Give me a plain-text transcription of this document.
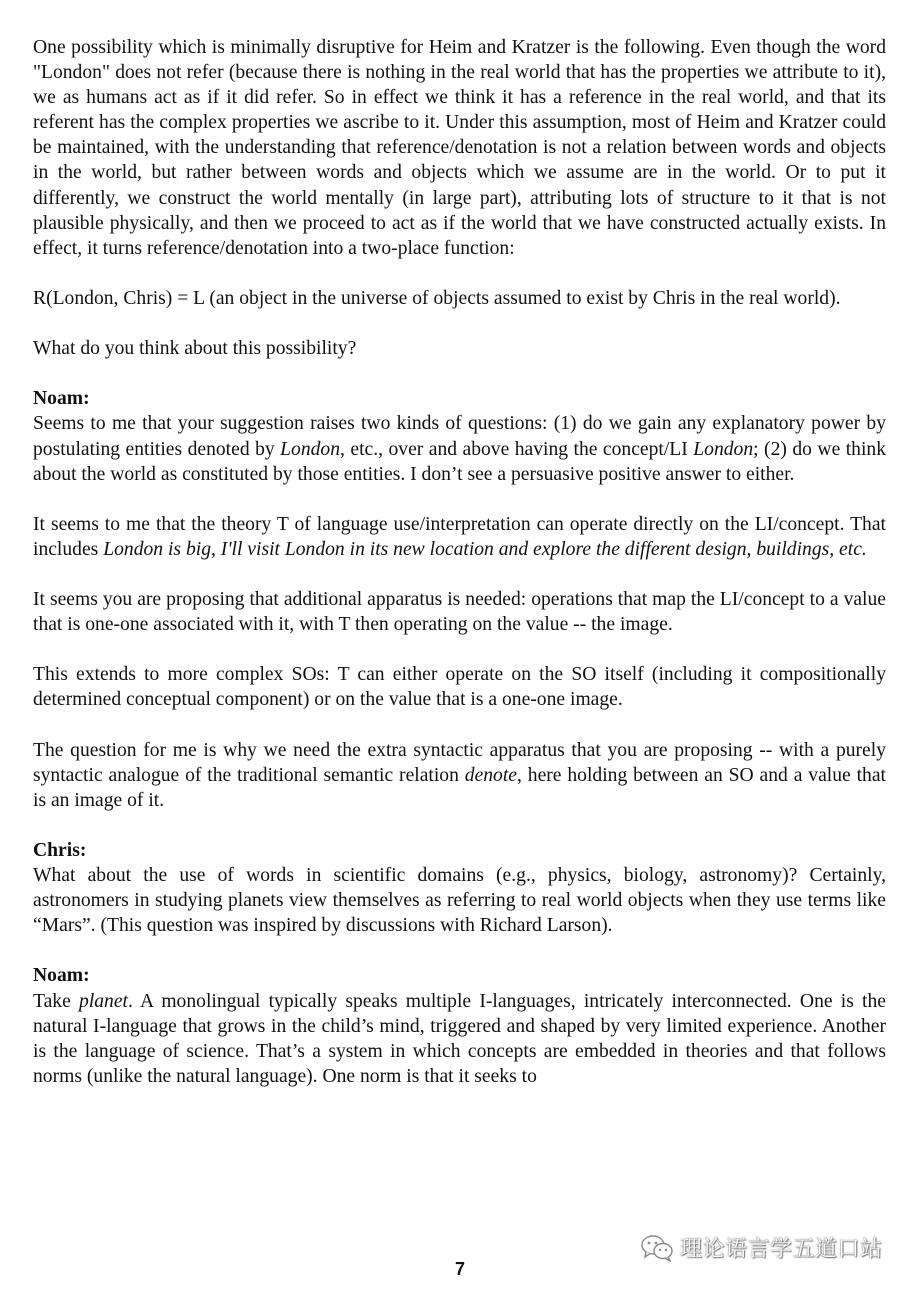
One possibility which is minimally disruptive for Heim and Kratzer is the following. Even though the word "London" does not refer (because there is nothing in the real world that has the properties we attribute to it), we as humans act as if it did refer. So in effect we think it has a reference in the real world, and that its referent has the complex properties we ascribe to it. Under this assumption, most of Heim and Kratzer could be maintained, with the understanding that reference/denotation is not a relation between words and objects in the world, but rather between words and objects which we assume are in the world. Or to put it differently, we construct the world mentally (in large part), attributing lots of structure to it that is not plausible physically, and then we proceed to act as if the world that we have constructed actually exists. In effect, it turns reference/denotation into a two-place function:

R(London, Chris) = L (an object in the universe of objects assumed to exist by Chris in the real world).

What do you think about this possibility?

Noam:
Seems to me that your suggestion raises two kinds of questions: (1) do we gain any explanatory power by postulating entities denoted by London, etc., over and above having the concept/LI London; (2) do we think about the world as constituted by those entities. I don’t see a persuasive positive answer to either.

It seems to me that the theory T of language use/interpretation can operate directly on the LI/concept. That includes London is big, I'll visit London in its new location and explore the different design, buildings, etc.

It seems you are proposing that additional apparatus is needed: operations that map the LI/concept to a value that is one-one associated with it, with T then operating on the value -- the image.

This extends to more complex SOs: T can either operate on the SO itself (including it compositionally determined conceptual component) or on the value that is a one-one image.

The question for me is why we need the extra syntactic apparatus that you are proposing -- with a purely syntactic analogue of the traditional semantic relation denote, here holding between an SO and a value that is an image of it.

Chris:
What about the use of words in scientific domains (e.g., physics, biology, astronomy)? Certainly, astronomers in studying planets view themselves as referring to real world objects when they use terms like “Mars”. (This question was inspired by discussions with Richard Larson).

Noam:
Take planet. A monolingual typically speaks multiple I-languages, intricately interconnected. One is the natural I-language that grows in the child’s mind, triggered and shaped by very limited experience. Another is the language of science. That’s a system in which concepts are embedded in theories and that follows norms (unlike the natural language). One norm is that it seeks to

理论语言学五道口站
7
